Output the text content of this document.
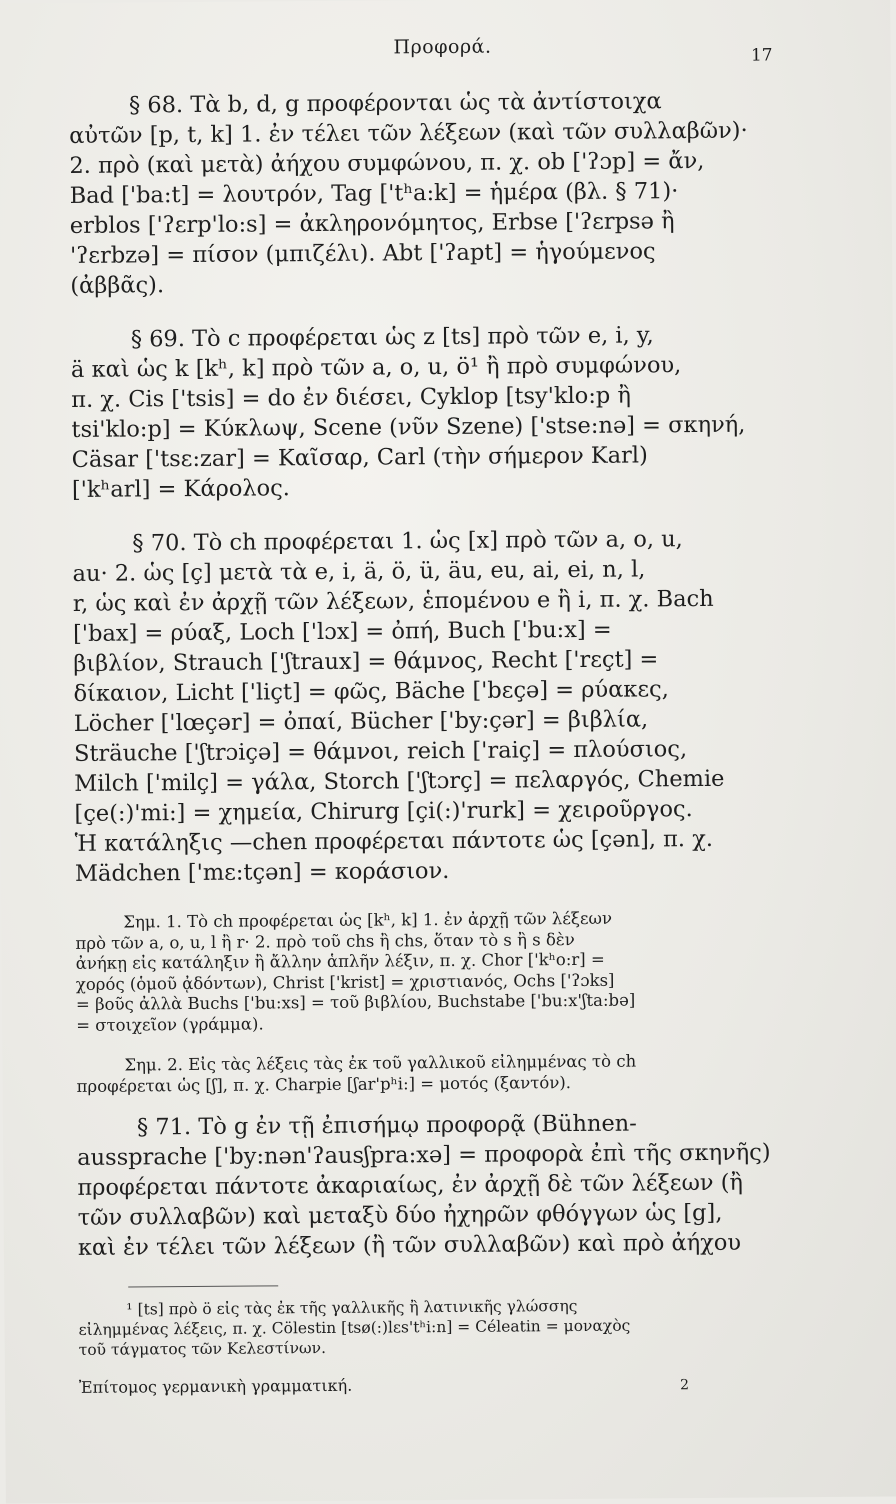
Προφορά.	17
§ 68. Τὰ b, d, g προφέρονται ὡς τὰ ἀντίστοιχα
αὐτῶν [p, t, k] 1. ἐν τέλει τῶν λέξεων (καὶ τῶν συλλαβῶν)·
2. πρὸ (καὶ μετὰ) ἀήχου συμφώνου, π. χ. ob ['ʔɔp] = ἄν,
Bad ['ba:t] = λουτρόν, Tag ['tʰa:k] = ἡμέρα (βλ. § 71)·
erblos ['ʔɛrp'lo:s] = ἀκληρονόμητος, Erbse ['ʔɛrpsə ἢ
'ʔɛrbzə] = πίσον (μπιζέλι). Abt ['ʔapt] = ἡγούμενος
(ἀββᾶς).
§ 69. Τὸ c προφέρεται ὡς z [ts] πρὸ τῶν e, i, y,
ä καὶ ὡς k [kʰ, k] πρὸ τῶν a, o, u, ö¹ ἢ πρὸ συμφώνου,
π. χ. Cis ['tsis] = do ἐν διέσει, Cyklop [tsy'klo:p ἢ
tsi'klo:p] = Κύκλωψ, Scene (νῦν Szene) ['stse:nə] = σκηνή,
Cäsar ['tsɛ:zar] = Καῖσαρ, Carl (τὴν σήμερον Karl)
['kʰarl] = Κάρολος.
§ 70. Τὸ ch προφέρεται 1. ὡς [x] πρὸ τῶν a, o, u,
au· 2. ὡς [ç] μετὰ τὰ e, i, ä, ö, ü, äu, eu, ai, ei, n, l,
r, ὡς καὶ ἐν ἀρχῇ τῶν λέξεων, ἑπομένου e ἢ i, π. χ. Bach
['bax] = ρύαξ, Loch ['lɔx] = ὀπή, Buch ['bu:x] =
βιβλίον, Strauch ['ʃtraux] = θάμνος, Recht ['rɛçt] =
δίκαιον, Licht ['liçt] = φῶς, Bäche ['bɛçə] = ρύακες,
Löcher ['lœçər] = ὀπαί, Bücher ['by:çər] = βιβλία,
Sträuche ['ʃtrɔiçə] = θάμνοι, reich ['raiç] = πλούσιος,
Milch ['milç] = γάλα, Storch ['ʃtɔrç] = πελαργός, Chemie
[çe(:)'mi:] = χημεία, Chirurg [çi(:)'rurk] = χειροῦργος.
Ἡ κατάληξις —chen προφέρεται πάντοτε ὡς [çən], π. χ.
Mädchen ['mɛ:tçən] = κοράσιον.
Σημ. 1. Τὸ ch προφέρεται ὡς [kʰ, k] 1. ἐν ἀρχῇ τῶν λέξεων
πρὸ τῶν a, o, u, l ἢ r· 2. πρὸ τοῦ chs ἢ chs, ὅταν τὸ s ἢ s δὲν
ἀνήκῃ εἰς κατάληξιν ἢ ἄλλην ἁπλῆν λέξιν, π. χ. Chor ['kʰo:r] =
χορός (ὁμοῦ ᾀδόντων), Christ ['krist] = χριστιανός, Ochs ['ʔɔks]
= βοῦς ἀλλὰ Buchs ['bu:xs] = τοῦ βιβλίου, Buchstabe ['bu:x'ʃta:bə]
= στοιχεῖον (γράμμα).
Σημ. 2. Εἰς τὰς λέξεις τὰς ἐκ τοῦ γαλλικοῦ εἰλημμένας τὸ ch
προφέρεται ὡς [ʃ], π. χ. Charpie [ʃar'pʰi:] = μοτός (ξαντόν).
§ 71. Τὸ g ἐν τῇ ἐπισήμῳ προφορᾷ (Bühnen-
aussprache ['by:nən'ʔausʃpra:xə] = προφορὰ ἐπὶ τῆς σκηνῆς)
προφέρεται πάντοτε ἀκαριαίως, ἐν ἀρχῇ δὲ τῶν λέξεων (ἢ
τῶν συλλαβῶν) καὶ μεταξὺ δύο ἠχηρῶν φθόγγων ὡς [g],
καὶ ἐν τέλει τῶν λέξεων (ἢ τῶν συλλαβῶν) καὶ πρὸ ἀήχου
¹ [ts] πρὸ ö εἰς τὰς ἐκ τῆς γαλλικῆς ἢ λατινικῆς γλώσσης
εἰλημμένας λέξεις, π. χ. Cölestin [tsø(:)lɛs'tʰi:n] = Céleatin = μοναχὸς
τοῦ τάγματος τῶν Κελεστίνων.
Ἐπίτομος γερμανικὴ γραμματική.	2
